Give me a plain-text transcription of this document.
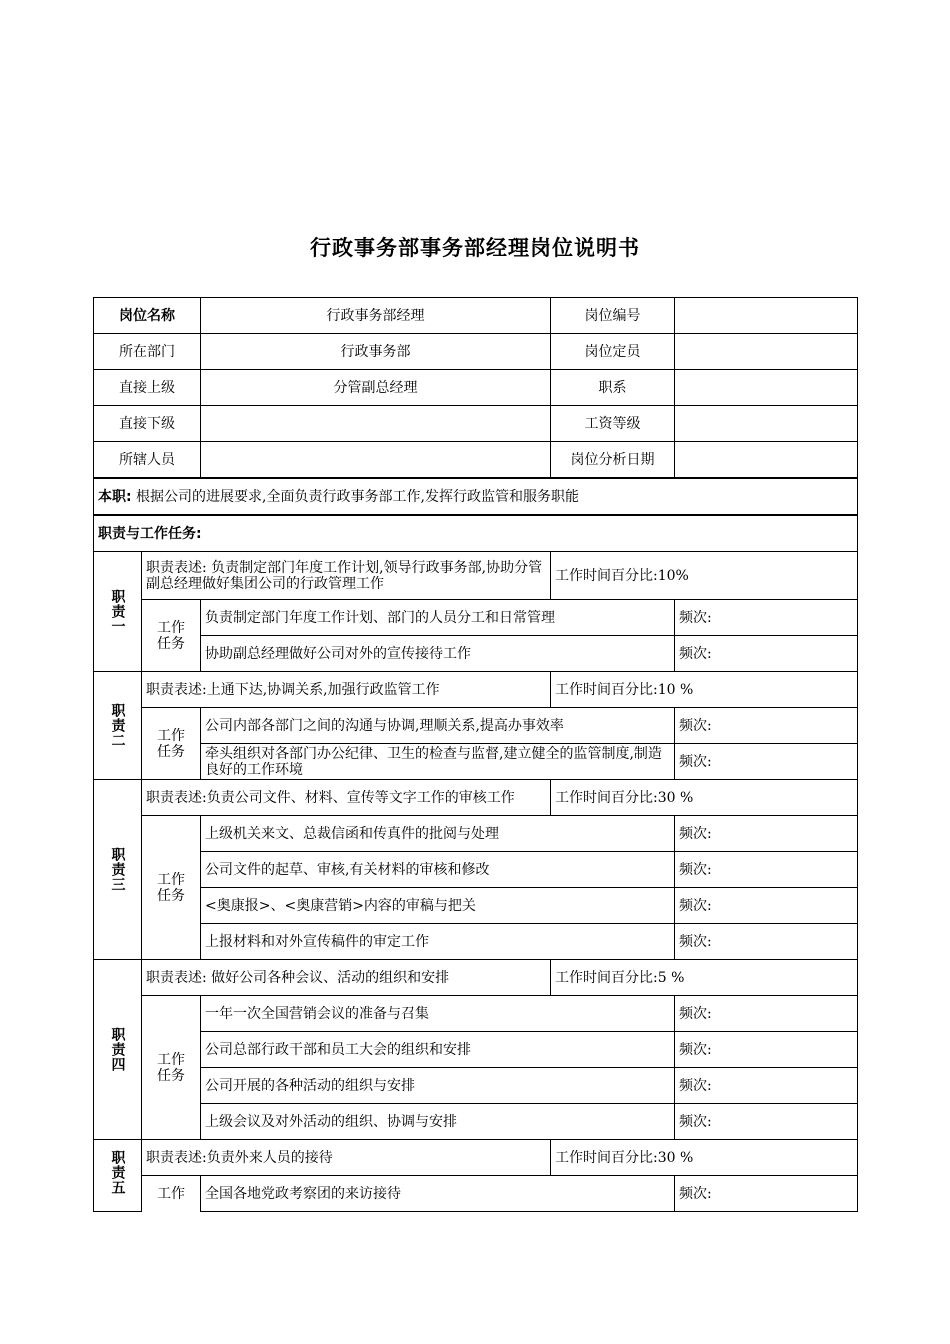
行政事务部事务部经理岗位说明书
岗位名称		行政事务部经理	岗位编号	
所在部门		行政事务部	岗位定员	
直接上级		分管副总经理	职系	
直接下级			工资等级	
所辖人员			岗位分析日期	
本职: 根据公司的进展要求,全面负责行政事务部工作,发挥行政监管和服务职能				
职责与工作任务:				

职责一	职责表述: 负责制定部门年度工作计划,领导行政事务部,协助分管副总经理做好集团公司的行政管理工作		工作时间百分比:10%	

	工作任务	负责制定部门年度工作计划、部门的人员分工和日常管理		频次:
		协助副总经理做好公司对外的宣传接待工作		频次:

职责二	职责表述:上通下达,协调关系,加强行政监管工作		工作时间百分比:10 %	

	工作任务	公司内部各部门之间的沟通与协调,理顺关系,提高办事效率		频次:
		牵头组织对各部门办公纪律、卫生的检查与监督,建立健全的监管制度,制造良好的工作环境		频次:

职责三	职责表述:负责公司文件、材料、宣传等文字工作的审核工作		工作时间百分比:30 %	

	工作任务	上级机关来文、总裁信函和传真件的批阅与处理		频次:
		公司文件的起草、审核,有关材料的审核和修改		频次:
		<奥康报>、<奥康营销>内容的审稿与把关		频次:
		上报材料和对外宣传稿件的审定工作		频次:

职责四	职责表述: 做好公司各种会议、活动的组织和安排		工作时间百分比:5 %	

	工作任务	一年一次全国营销会议的准备与召集		频次:
		公司总部行政干部和员工大会的组织和安排		频次:
		公司开展的各种活动的组织与安排		频次:
		上级会议及对外活动的组织、协调与安排		频次:

职责五	职责表述:负责外来人员的接待		工作时间百分比:30 %	
	工作	全国各地党政考察团的来访接待		频次:
